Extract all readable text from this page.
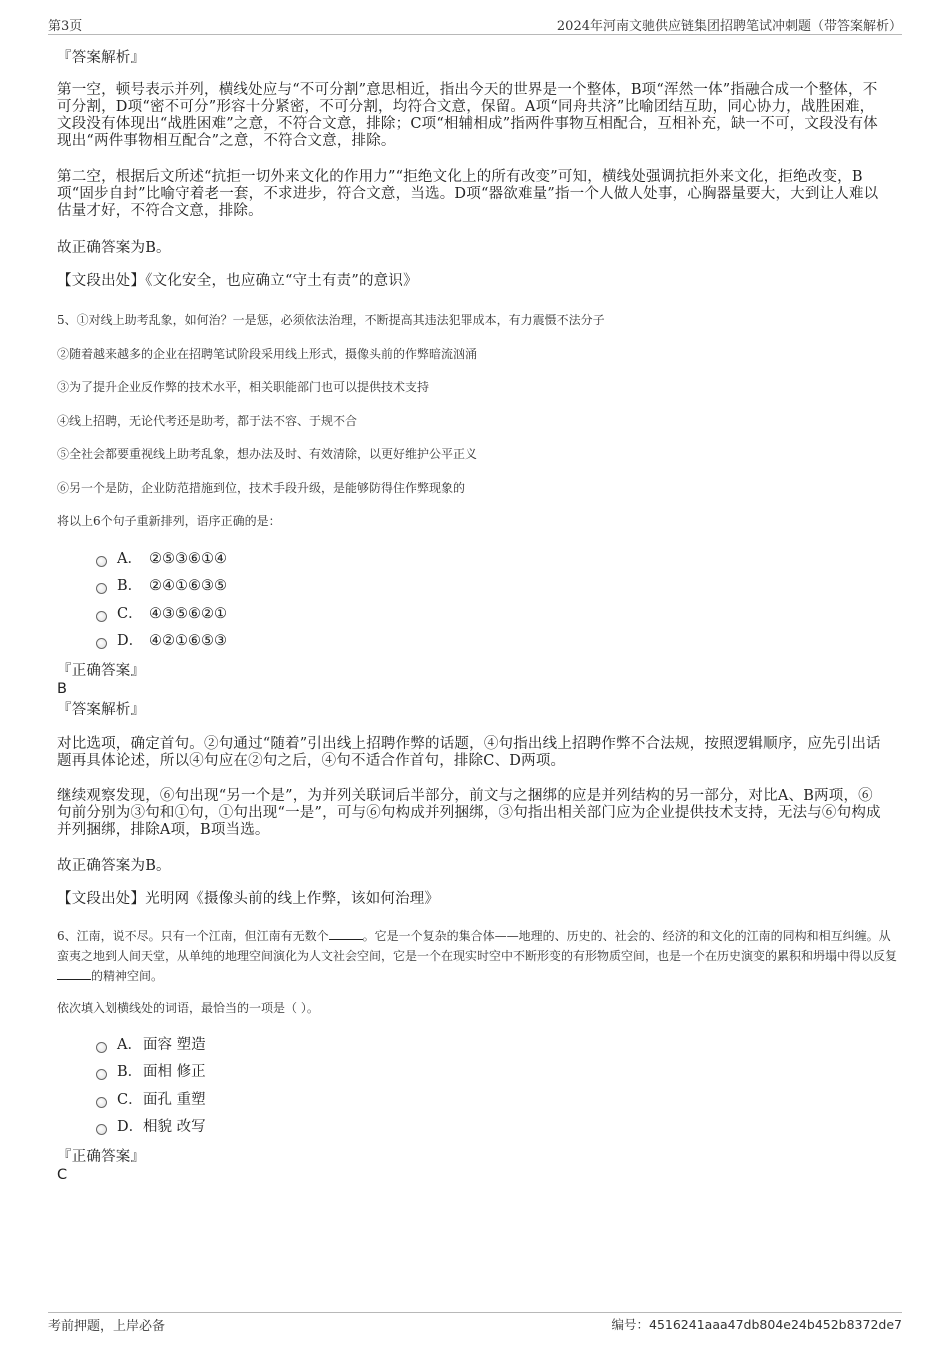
第3页	2024年河南文驰供应链集团招聘笔试冲刺题（带答案解析）
『答案解析』
第一空，顿号表示并列，横线处应与“不可分割”意思相近，指出今天的世界是一个整体，B项“浑然一体”指融合成一个整体，不可分割，D项“密不可分”形容十分紧密，不可分割，均符合文意，保留。A项“同舟共济”比喻团结互助，同心协力，战胜困难，文段没有体现出“战胜困难”之意，不符合文意，排除；C项“相辅相成”指两件事物互相配合，互相补充，缺一不可，文段没有体现出“两件事物相互配合”之意，不符合文意，排除。
第二空，根据后文所述“抗拒一切外来文化的作用力”“拒绝文化上的所有改变”可知，横线处强调抗拒外来文化，拒绝改变，B项“固步自封”比喻守着老一套，不求进步，符合文意，当选。D项“器欲难量”指一个人做人处事，心胸器量要大，大到让人难以估量才好，不符合文意，排除。
故正确答案为B。
【文段出处】《文化安全，也应确立“守土有责”的意识》
5、①对线上助考乱象，如何治？一是惩，必须依法治理，不断提高其违法犯罪成本，有力震慑不法分子
②随着越来越多的企业在招聘笔试阶段采用线上形式，摄像头前的作弊暗流汹涌
③为了提升企业反作弊的技术水平，相关职能部门也可以提供技术支持
④线上招聘，无论代考还是助考，都于法不容、于规不合
⑤全社会都要重视线上助考乱象，想办法及时、有效清除，以更好维护公平正义
⑥另一个是防，企业防范措施到位，技术手段升级，是能够防得住作弊现象的
将以上6个句子重新排列，语序正确的是：
A． ②⑤③⑥①④
B． ②④①⑥③⑤
C． ④③⑤⑥②①
D． ④②①⑥⑤③
『正确答案』
B
『答案解析』
对比选项，确定首句。②句通过“随着”引出线上招聘作弊的话题，④句指出线上招聘作弊不合法规，按照逻辑顺序，应先引出话题再具体论述，所以④句应在②句之后，④句不适合作首句，排除C、D两项。
继续观察发现，⑥句出现“另一个是”，为并列关联词后半部分，前文与之捆绑的应是并列结构的另一部分，对比A、B两项，⑥句前分别为③句和①句，①句出现“一是”，可与⑥句构成并列捆绑，③句指出相关部门应为企业提供技术支持，无法与⑥句构成并列捆绑，排除A项，B项当选。
故正确答案为B。
【文段出处】光明网《摄像头前的线上作弊，该如何治理》
6、江南，说不尽。只有一个江南，但江南有无数个	。它是一个复杂的集合体——地理的、历史的、社会的、经济的和文化的江南的同构和相互纠缠。从蛮夷之地到人间天堂，从单纯的地理空间演化为人文社会空间，它是一个在现实时空中不断形变的有形物质空间，也是一个在历史演变的累积和坍塌中得以反复的精神空间。
依次填入划横线处的词语，最恰当的一项是（ ）。
A． 面容 塑造
B． 面相 修正
C． 面孔 重塑
D． 相貌 改写
『正确答案』
C
考前押题，上岸必备	编号：4516241aaa47db804e24b452b8372de7
